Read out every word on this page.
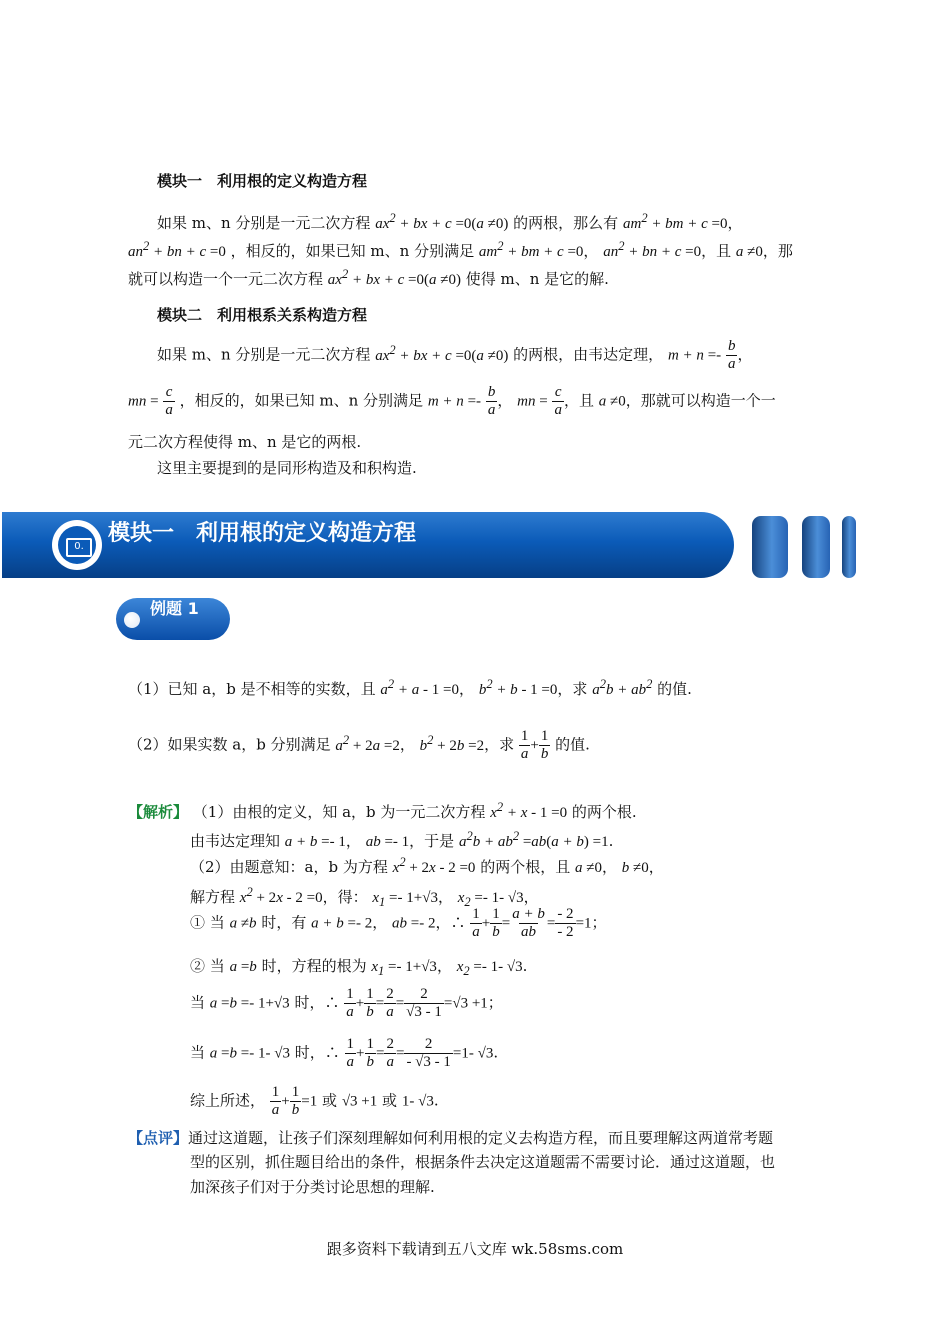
模块一　利用根的定义构造方程
如果 m、n 分别是一元二次方程 $ax^2$ + bx + c =0(a ≠0) 的两根，那么有 $am^2$ + bm + c =0，
$an^2$ + bn + c =0 ，相反的，如果已知 m、n 分别满足 $am^2$ + bm + c =0， $an^2$ + bn + c =0，且 a ≠0，那
就可以构造一个一元二次方程 $ax^2$ + bx + c =0(a ≠0) 使得 m、n 是它的解.
模块二　利用根系关系构造方程
如果 m、n 分别是一元二次方程 $ax^2$ + bx + c =0(a ≠0) 的两根，由韦达定理， $m + n =- \frac{b}{a}$ ，
mn = $\frac{c}{a}$ ，相反的，如果已知 m、n 分别满足 $m + n =- \frac{b}{a}$ ， mn = $\frac{c}{a}$ ，且 a ≠0，那就可以构造一个一
元二次方程使得 m、n 是它的两根.
这里主要提到的是同形构造及和积构造.
0.
模块一　利用根的定义构造方程
例题 1
（1）已知 a，b 是不相等的实数，且 $a^2 + a - 1 =0$， $b^2 + b - 1 =0$，求 $a^2b + ab^2$ 的值.
（2）如果实数 a，b 分别满足 $a^2 + 2a =2$， $b^2 + 2b =2$，求 $\frac{1}{a} + \frac{1}{b}$ 的值.
【解析】 （1）由根的定义，知 a，b 为一元二次方程 $x^2 + x - 1 =0$ 的两个根.
由韦达定理知 a + b =- 1， ab =- 1，于是 $a^2b + ab^2 =ab(a + b) =1$.
（2）由题意知：a，b 为方程 $x^2 + 2x - 2 =0$ 的两个根，且 a ≠0， b ≠0，
解方程 $x^2 + 2x - 2 =0$，得： $x_1 =- 1+√3$， $x_2 =- 1-$ √3，
① 当 a ≠b 时，有 a + b =- 2， ab =- 2，∴ $\frac{1}{a} + \frac{1}{b} = \frac{a + b}{ab} = \frac{- 2}{- 2} =1$；
② 当 a =b 时，方程的根为 $x_1 =- 1+√3$， $x_2 =- 1-$ √3.
当 a =b =- 1+√3 时，∴ $\frac{1}{a} + \frac{1}{b} = \frac{2}{a} = \frac{2}{√3 - 1} =√3 +1$；
当 a =b =- 1- √3 时，∴ $\frac{1}{a} + \frac{1}{b} = \frac{2}{a} = \frac{2}{- √3 - 1} =1-$ √3.
综上所述， $\frac{1}{a} + \frac{1}{b} =1$ 或 √3 +1 或 1- √3.
【点评】通过这道题，让孩子们深刻理解如何利用根的定义去构造方程，而且要理解这两道常考题
型的区别，抓住题目给出的条件，根据条件去决定这道题需不需要讨论．通过这道题，也
加深孩子们对于分类讨论思想的理解.
跟多资料下载请到五八文库 wk.58sms.com
